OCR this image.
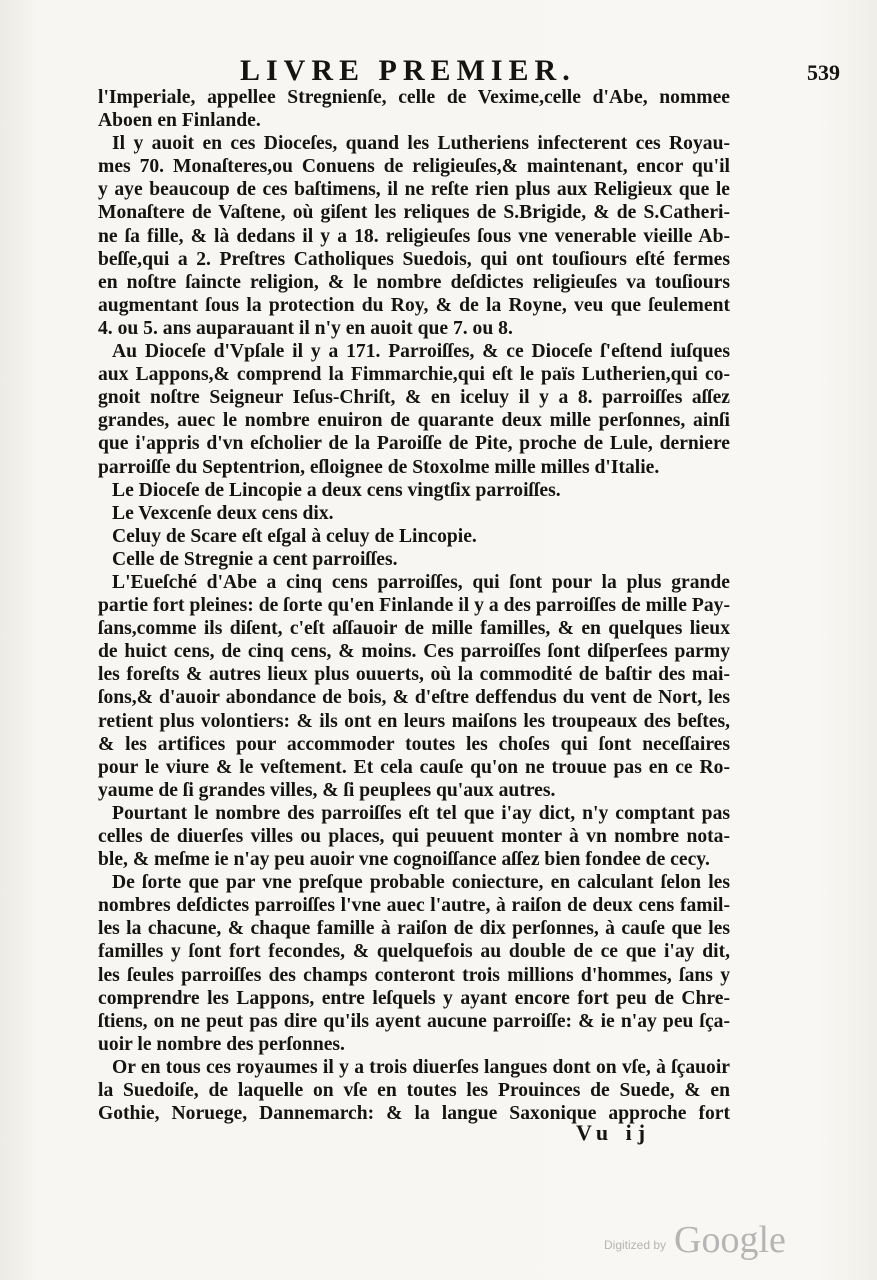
LIVRE PREMIER.	539
l'Imperiale, appellee Stregnienſe, celle de Vexime,celle d'Abe, nommee
Aboen en Finlande.
Il y auoit en ces Dioceſes, quand les Lutheriens infecterent ces Royau-
mes 70. Monaſteres,ou Conuens de religieuſes,& maintenant, encor qu'il
y aye beaucoup de ces baſtimens, il ne reſte rien plus aux Religieux que le
Monaſtere de Vaſtene, où giſent les reliques de S.Brigide, & de S.Catheri-
ne ſa fille, & là dedans il y a 18. religieuſes ſous vne venerable vieille Ab-
beſſe,qui a 2. Preſtres Catholiques Suedois, qui ont touſiours eſté fermes
en noſtre ſaincte religion, & le nombre deſdictes religieuſes va touſiours
augmentant ſous la protection du Roy, & de la Royne, veu que ſeulement
4. ou 5. ans auparauant il n'y en auoit que 7. ou 8.
Au Dioceſe d'Vpſale il y a 171. Parroiſſes, & ce Dioceſe ſ'eſtend iuſques
aux Lappons,& comprend la Fimmarchie,qui eſt le païs Lutherien,qui co-
gnoit noſtre Seigneur Ieſus-Chriſt, & en iceluy il y a 8. parroiſſes aſſez
grandes, auec le nombre enuiron de quarante deux mille perſonnes, ainſi
que i'appris d'vn eſcholier de la Paroiſſe de Pite, proche de Lule, derniere
parroiſſe du Septentrion, eſloignee de Stoxolme mille milles d'Italie.
Le Dioceſe de Lincopie a deux cens vingtſix parroiſſes.
Le Vexcenſe deux cens dix.
Celuy de Scare eſt eſgal à celuy de Lincopie.
Celle de Stregnie a cent parroiſſes.
L'Eueſché d'Abe a cinq cens parroiſſes, qui ſont pour la plus grande
partie fort pleines: de ſorte qu'en Finlande il y a des parroiſſes de mille Pay-
ſans,comme ils diſent, c'eſt aſſauoir de mille familles, & en quelques lieux
de huict cens, de cinq cens, & moins. Ces parroiſſes ſont diſperſees parmy
les foreſts & autres lieux plus ouuerts, où la commodité de baſtir des mai-
ſons,& d'auoir abondance de bois, & d'eſtre deffendus du vent de Nort, les
retient plus volontiers: & ils ont en leurs maiſons les troupeaux des beſtes,
& les artifices pour accommoder toutes les choſes qui ſont neceſſaires
pour le viure & le veſtement. Et cela cauſe qu'on ne trouue pas en ce Ro-
yaume de ſi grandes villes, & ſi peuplees qu'aux autres.
Pourtant le nombre des parroiſſes eſt tel que i'ay dict, n'y comptant pas
celles de diuerſes villes ou places, qui peuuent monter à vn nombre nota-
ble, & meſme ie n'ay peu auoir vne cognoiſſance aſſez bien fondee de cecy.
De ſorte que par vne preſque probable coniecture, en calculant ſelon les
nombres deſdictes parroiſſes l'vne auec l'autre, à raiſon de deux cens famil-
les la chacune, & chaque famille à raiſon de dix perſonnes, à cauſe que les
familles y ſont fort fecondes, & quelquefois au double de ce que i'ay dit,
les ſeules parroiſſes des champs conteront trois millions d'hommes, ſans y
comprendre les Lappons, entre leſquels y ayant encore fort peu de Chre-
ſtiens, on ne peut pas dire qu'ils ayent aucune parroiſſe: & ie n'ay peu ſça-
uoir le nombre des perſonnes.
Or en tous ces royaumes il y a trois diuerſes langues dont on vſe, à ſçauoir
la Suedoiſe, de laquelle on vſe en toutes les Prouinces de Suede, & en
Gothie, Noruege, Dannemarch: & la langue Saxonique approche fort
Vu ij
Digitized by Google
